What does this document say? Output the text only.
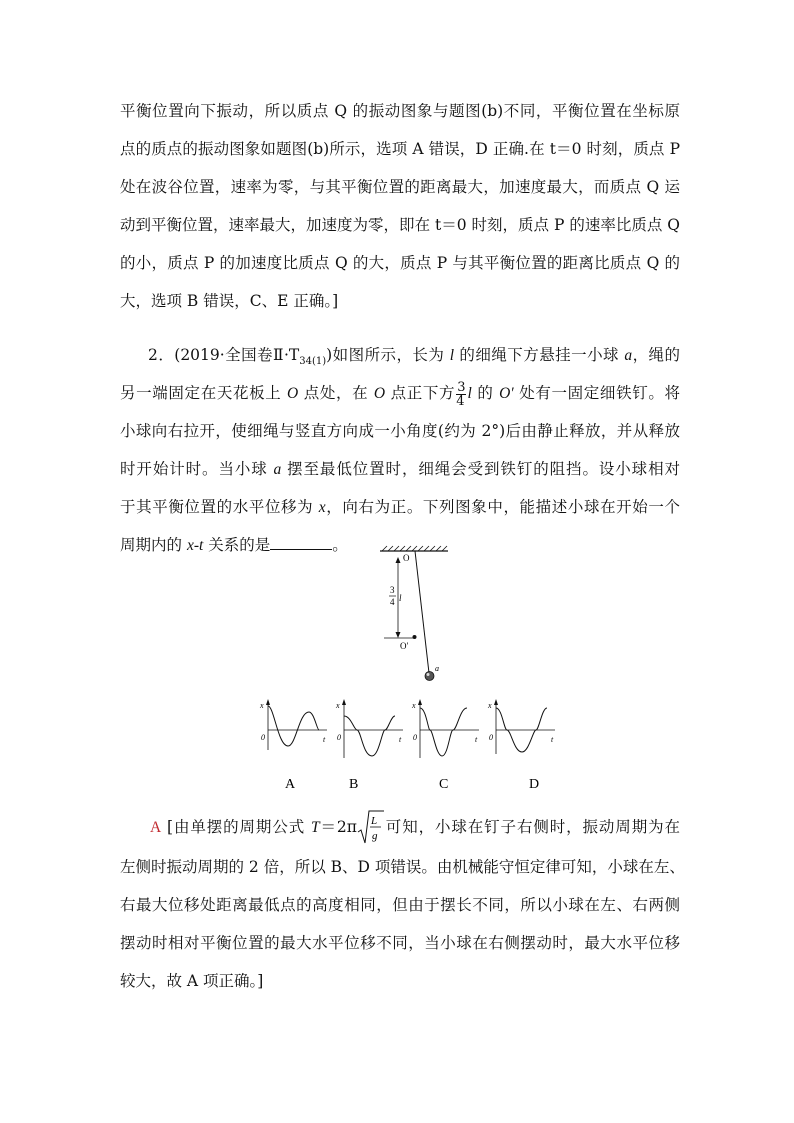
平衡位置向下振动，所以质点 Q 的振动图象与题图(b)不同，平衡位置在坐标原
点的质点的振动图象如题图(b)所示，选项 A 错误，D 正确.在 t＝0 时刻，质点 P
处在波谷位置，速率为零，与其平衡位置的距离最大，加速度最大，而质点 Q 运
动到平衡位置，速率最大，加速度为零，即在 t＝0 时刻，质点 P 的速率比质点 Q
的小，质点 P 的加速度比质点 Q 的大，质点 P 与其平衡位置的距离比质点 Q 的
大，选项 B 错误，C、E 正确。]
2．(2019·全国卷$Ⅱ\cdot T_{34(1)}$)如图所示，长为 l 的细绳下方悬挂一小球 a，绳的
另一端固定在天花板上 O 点处，在 O 点正下方 $\frac{3}{4}$ l 的 O′ 处有一固定细铁钉。将
小球向右拉开，使细绳与竖直方向成一小角度(约为 2°)后由静止释放，并从释放
时开始计时。当小球 a 摆至最低位置时，细绳会受到铁钉的阻挡。设小球相对
于其平衡位置的水平位移为 x，向右为正。下列图象中，能描述小球在开始一个
周期内的 x-t 关系的是	。
O
3
4 l
O′
a
x
t
0
x
t
0
x
t
0
x
t
0
A	B	C	D
A [由单摆的周期公式 T＝2π L
g 可知，小球在钉子右侧时，振动周期为在
左侧时振动周期的 2 倍，所以 B、D 项错误。由机械能守恒定律可知，小球在左、
右最大位移处距离最低点的高度相同，但由于摆长不同，所以小球在左、右两侧
摆动时相对平衡位置的最大水平位移不同，当小球在右侧摆动时，最大水平位移
较大，故 A 项正确。]
